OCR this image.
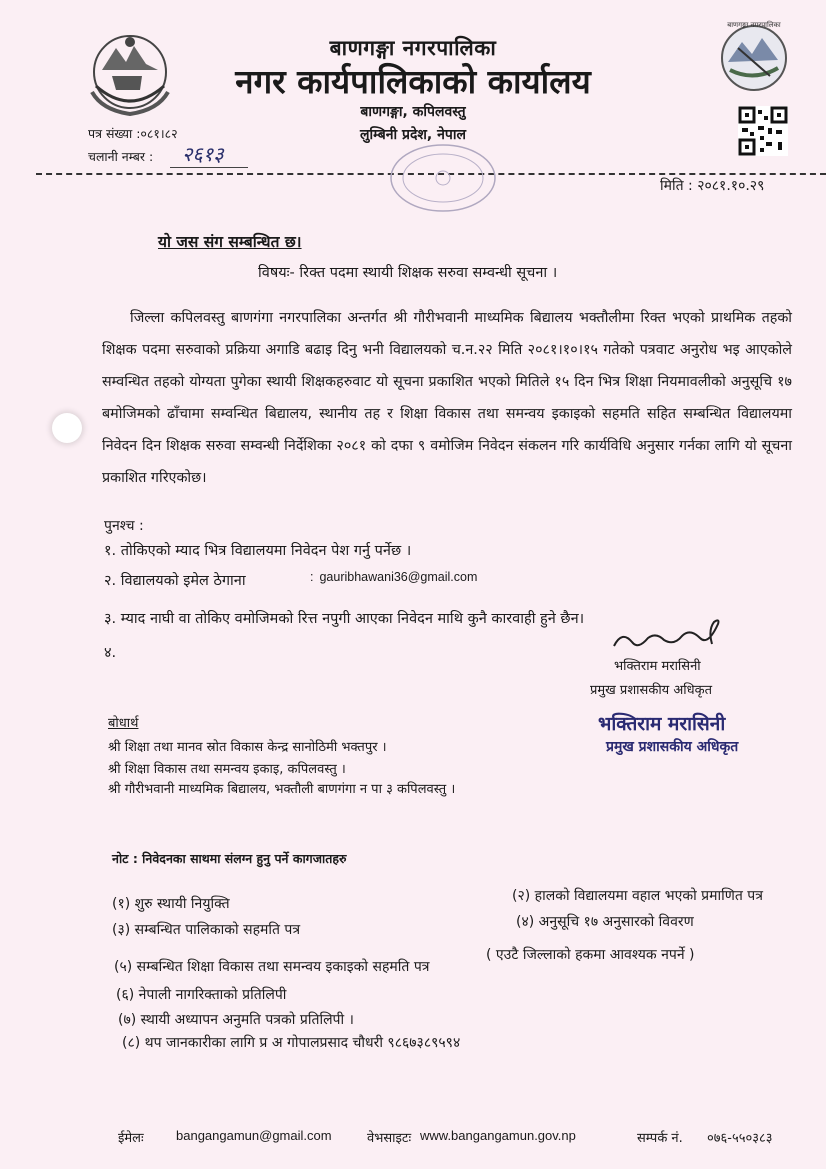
बाणगङ्गा नगरपालिका
बाणगङ्गा नगरपालिका
नगर कार्यपालिकाको कार्यालय
बाणगङ्गा, कपिलवस्तु
लुम्बिनी प्रदेश, नेपाल
पत्र संख्या :०८१।८२
चलानी नम्बर : २६१३
मिति : २०८१.१०.२९
यो जस संग सम्बन्धित छ।
विषयः- रिक्त पदमा स्थायी शिक्षक सरुवा सम्वन्धी सूचना ।
जिल्ला कपिलवस्तु बाणगंगा नगरपालिका अन्तर्गत श्री गौरीभवानी माध्यमिक बिद्यालय भक्तौलीमा रिक्त भएको प्राथमिक तहको शिक्षक पदमा सरुवाको प्रक्रिया अगाडि बढाइ दिनु भनी विद्यालयको च.न.२२ मिति २०८१।१०।१५ गतेको पत्रवाट अनुरोध भइ आएकोले सम्वन्धित तहको योग्यता पुगेका स्थायी शिक्षकहरुवाट यो सूचना प्रकाशित भएको मितिले १५ दिन भित्र शिक्षा नियमावलीको अनुसूचि १७ बमोजिमको ढाँचामा सम्वन्धित बिद्यालय, स्थानीय तह र शिक्षा विकास तथा समन्वय इकाइको सहमति सहित सम्बन्धित विद्यालयमा निवेदन दिन शिक्षक सरुवा सम्वन्धी निर्देशिका २०८१ को दफा ९ वमोजिम निवेदन संकलन गरि कार्यविधि अनुसार गर्नका लागि यो सूचना प्रकाशित गरिएकोछ।
पुनश्च :
१. तोकिएको म्याद भित्र विद्यालयमा निवेदन पेश गर्नु पर्नेछ ।
२. विद्यालयको इमेल ठेगाना	: gauribhawani36@gmail.com
३. म्याद नाघी वा तोकिए वमोजिमको रित्त नपुगी आएका निवेदन माथि कुनै कारवाही हुने छैन।
४.
भक्तिराम मरासिनी
प्रमुख प्रशासकीय अधिकृत
भक्तिराम मरासिनी
प्रमुख प्रशासकीय अधिकृत
बोधार्थ
श्री शिक्षा तथा मानव स्रोत विकास केन्द्र सानोठिमी भक्तपुर ।
श्री शिक्षा विकास तथा समन्वय इकाइ, कपिलवस्तु ।
श्री गौरीभवानी माध्यमिक बिद्यालय, भक्तौली बाणगंगा न पा ३ कपिलवस्तु ।
नोट : निवेदनका साथमा संलग्न हुनु पर्ने कागजातहरु
(१) शुरु स्थायी नियुक्ति	(२) हालको विद्यालयमा वहाल भएको प्रमाणित पत्र
(३) सम्बन्धित पालिकाको सहमति पत्र	(४) अनुसूचि १७ अनुसारको विवरण
(५) सम्बन्धित शिक्षा विकास तथा समन्वय इकाइको सहमति पत्र
( एउटै जिल्लाको हकमा आवश्यक नपर्ने )
(६) नेपाली नागरिक्ताको प्रतिलिपी
(७) स्थायी अध्यापन अनुमति पत्रको प्रतिलिपी ।
(८) थप जानकारीका लागि प्र अ गोपालप्रसाद चौधरी ९८६७३८९५९४
ईमेलः bangangamun@gmail.com	वेभसाइटः www.bangangamun.gov.np	सम्पर्क नं. ०७६-५५०३८३
